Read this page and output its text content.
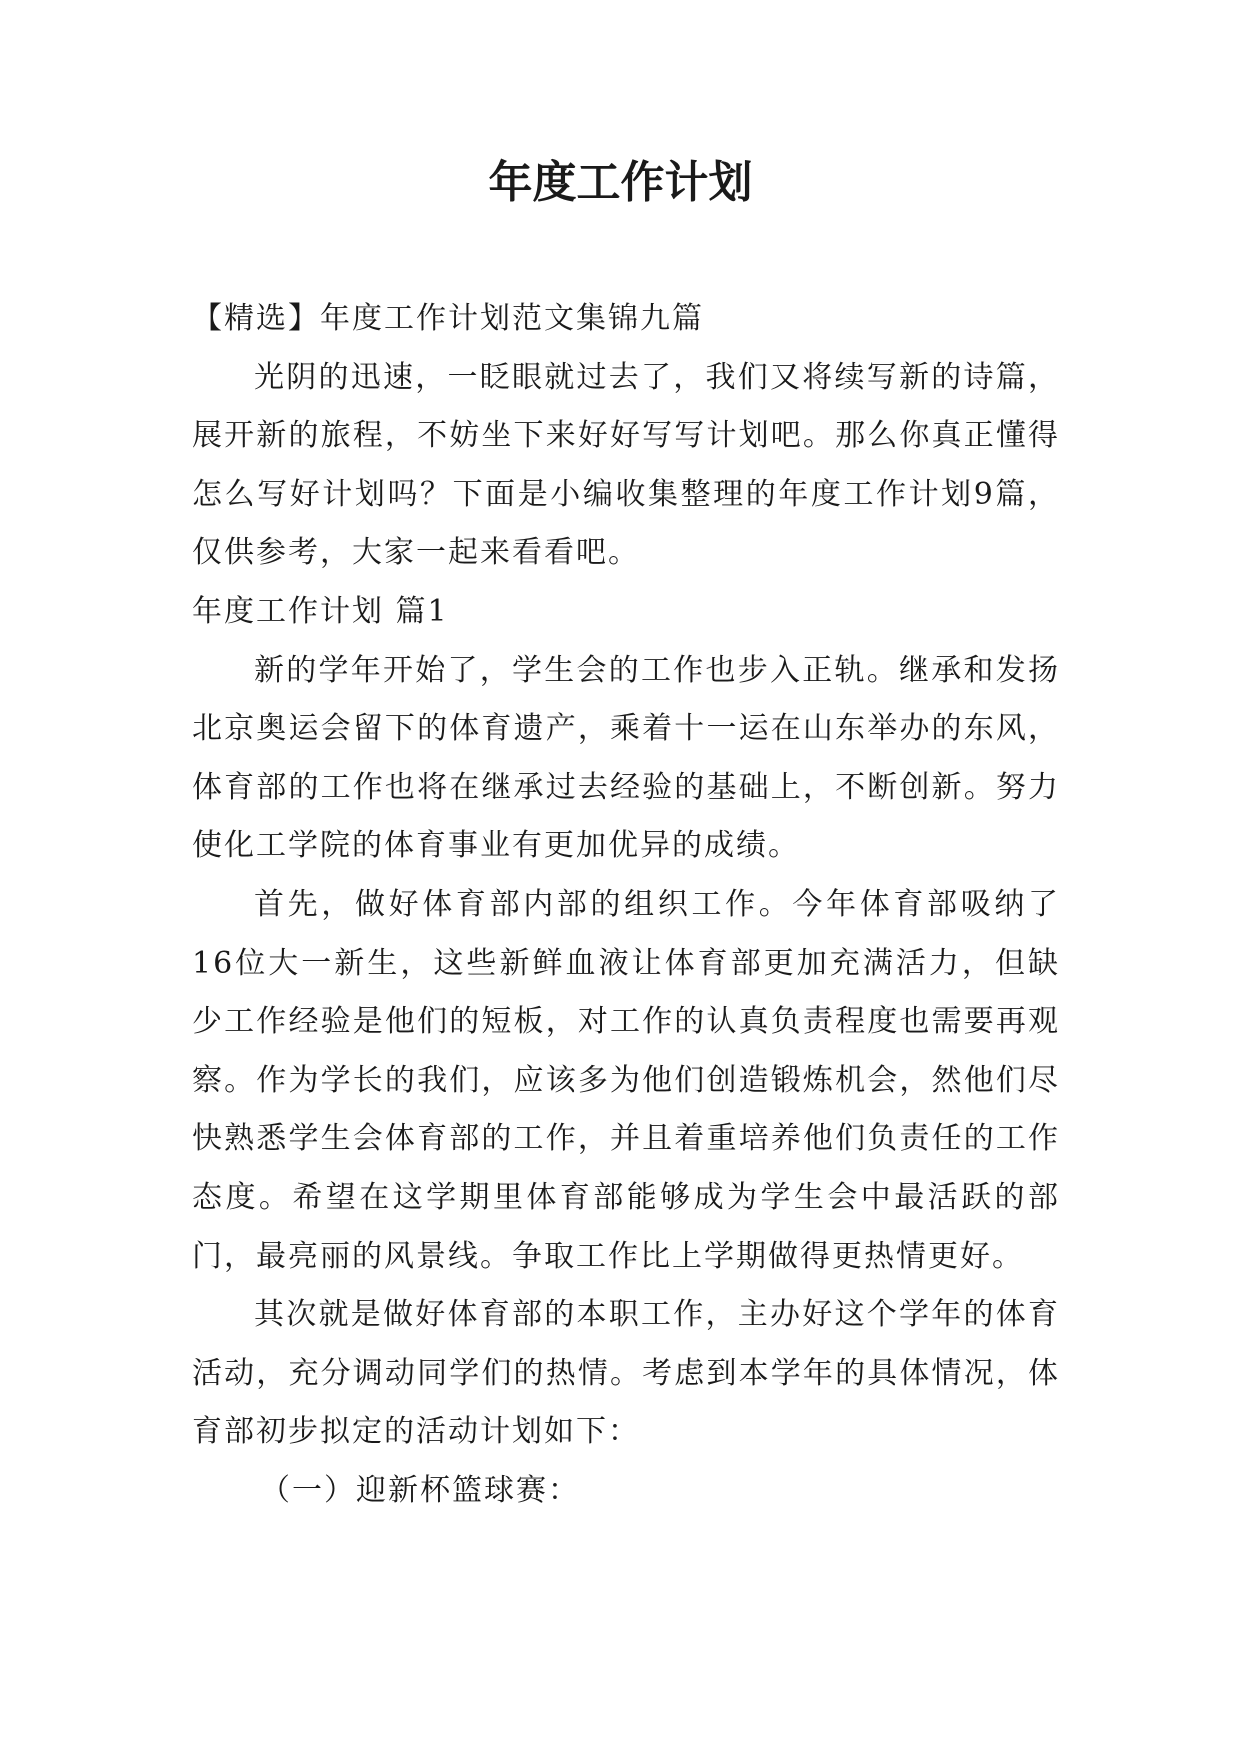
年度工作计划

【精选】年度工作计划范文集锦九篇

光阴的迅速，一眨眼就过去了，我们又将续写新的诗篇，展开新的旅程，不妨坐下来好好写写计划吧。那么你真正懂得怎么写好计划吗？下面是小编收集整理的年度工作计划9篇，仅供参考，大家一起来看看吧。

年度工作计划 篇1

新的学年开始了，学生会的工作也步入正轨。继承和发扬北京奥运会留下的体育遗产，乘着十一运在山东举办的东风，体育部的工作也将在继承过去经验的基础上，不断创新。努力使化工学院的体育事业有更加优异的成绩。

首先，做好体育部内部的组织工作。今年体育部吸纳了16位大一新生，这些新鲜血液让体育部更加充满活力，但缺少工作经验是他们的短板，对工作的认真负责程度也需要再观察。作为学长的我们，应该多为他们创造锻炼机会，然他们尽快熟悉学生会体育部的工作，并且着重培养他们负责任的工作态度。希望在这学期里体育部能够成为学生会中最活跃的部门，最亮丽的风景线。争取工作比上学期做得更热情更好。

其次就是做好体育部的本职工作，主办好这个学年的体育活动，充分调动同学们的热情。考虑到本学年的具体情况，体育部初步拟定的活动计划如下：

（一）迎新杯篮球赛：
